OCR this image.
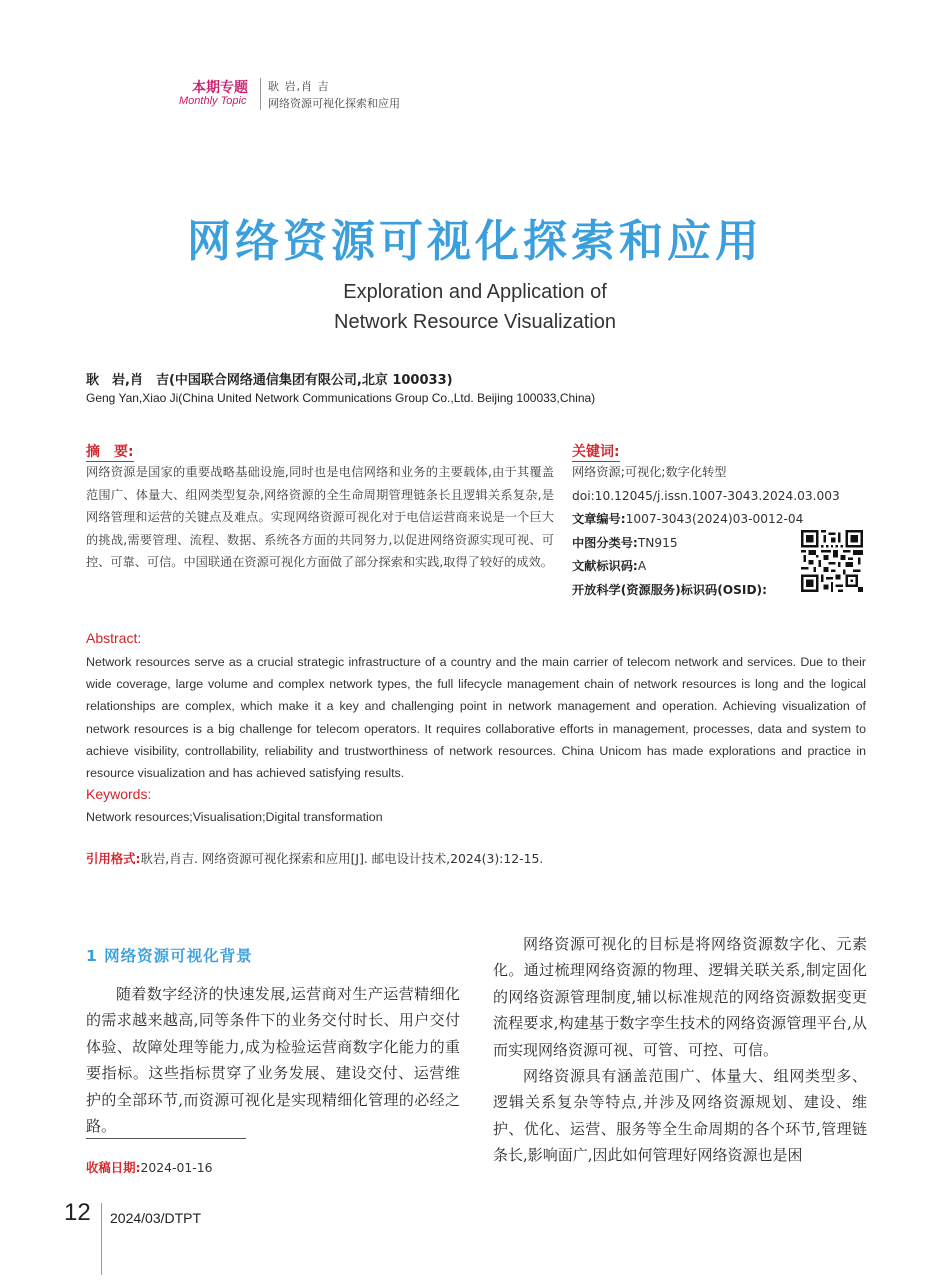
本期专题
Monthly Topic
耿 岩,肖 吉
网络资源可视化探索和应用
网络资源可视化探索和应用
Exploration and Application of
Network Resource Visualization
耿　岩,肖　吉(中国联合网络通信集团有限公司,北京 100033)
Geng Yan,Xiao Ji(China United Network Communications Group Co.,Ltd. Beijing 100033,China)
摘　要:
网络资源是国家的重要战略基础设施,同时也是电信网络和业务的主要载体,由于其覆盖范围广、体量大、组网类型复杂,网络资源的全生命周期管理链条长且逻辑关系复杂,是网络管理和运营的关键点及难点。实现网络资源可视化对于电信运营商来说是一个巨大的挑战,需要管理、流程、数据、系统各方面的共同努力,以促进网络资源实现可视、可控、可靠、可信。中国联通在资源可视化方面做了部分探索和实践,取得了较好的成效。
关键词:
网络资源;可视化;数字化转型
doi:10.12045/j.issn.1007-3043.2024.03.003
文章编号:1007-3043(2024)03-0012-04
中图分类号:TN915
文献标识码:A
开放科学(资源服务)标识码(OSID):
Abstract:
Network resources serve as a crucial strategic infrastructure of a country and the main carrier of telecom network and services. Due to their wide coverage, large volume and complex network types, the full lifecycle management chain of network resources is long and the logical relationships are complex, which make it a key and challenging point in network management and operation. Achieving visualization of network resources is a big challenge for telecom operators. It requires collaborative efforts in management, processes, data and system to achieve visibility, controllability, reliability and trustworthiness of network resources. China Unicom has made explorations and practice in resource visualization and has achieved satisfying results.
Keywords:
Network resources;Visualisation;Digital transformation
引用格式:耿岩,肖吉. 网络资源可视化探索和应用[J]. 邮电设计技术,2024(3):12-15.
1 网络资源可视化背景

随着数字经济的快速发展,运营商对生产运营精细化的需求越来越高,同等条件下的业务交付时长、用户交付体验、故障处理等能力,成为检验运营商数字化能力的重要指标。这些指标贯穿了业务发展、建设交付、运营维护的全部环节,而资源可视化是实现精细化管理的必经之路。

网络资源可视化的目标是将网络资源数字化、元素化。通过梳理网络资源的物理、逻辑关联关系,制定固化的网络资源管理制度,辅以标准规范的网络资源数据变更流程要求,构建基于数字孪生技术的网络资源管理平台,从而实现网络资源可视、可管、可控、可信。

网络资源具有涵盖范围广、体量大、组网类型多、逻辑关系复杂等特点,并涉及网络资源规划、建设、维护、优化、运营、服务等全生命周期的各个环节,管理链条长,影响面广,因此如何管理好网络资源也是困

收稿日期:2024-01-16
12 2024/03/DTPT
